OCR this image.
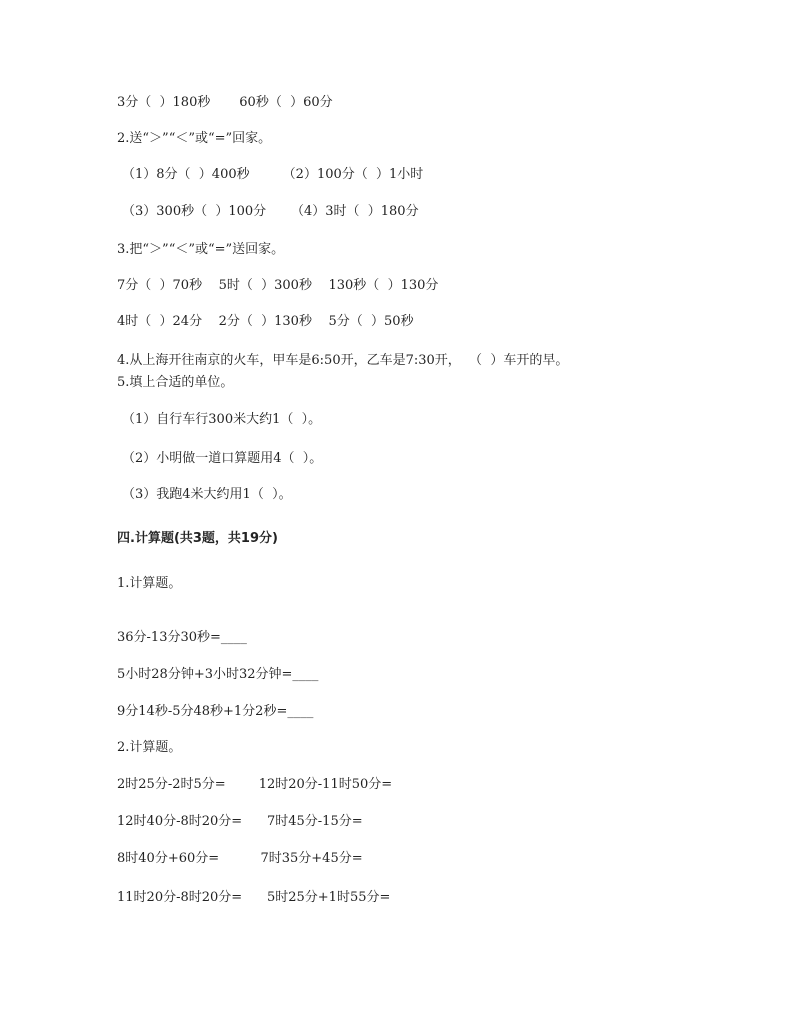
3分（  ）180秒       60秒（  ）60分
2.送“＞”“＜”或“=”回家。
（1）8分（  ）400秒        （2）100分（  ）1小时
（3）300秒（  ）100分      （4）3时（  ）180分
3.把“＞”“＜”或“=”送回家。
7分（  ）70秒    5时（  ）300秒    130秒（  ）130分
4时（  ）24分    2分（  ）130秒    5分（  ）50秒
4.从上海开往南京的火车，甲车是6:50开，乙车是7:30开，  （  ）车开的早。
5.填上合适的单位。
（1）自行车行300米大约1（  ）。
（2）小明做一道口算题用4（  ）。
（3）我跑4米大约用1（  ）。
四.计算题(共3题，共19分)
1.计算题。
36分-13分30秒=____
5小时28分钟+3小时32分钟=____
9分14秒-5分48秒+1分2秒=____
2.计算题。
2时25分-2时5分=        12时20分-11时50分=
12时40分-8时20分=      7时45分-15分=
8时40分+60分=          7时35分+45分=
11时20分-8时20分=      5时25分+1时55分=
